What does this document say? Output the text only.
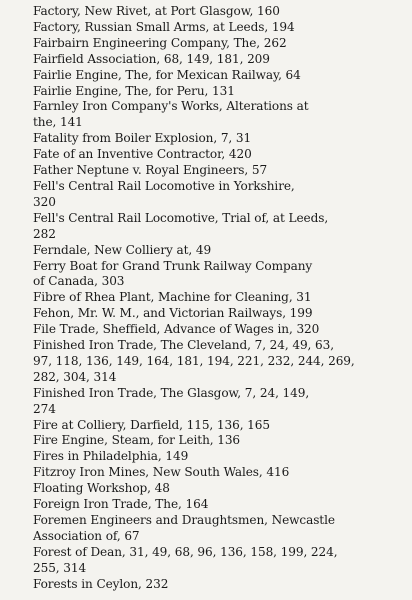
Factory, New Rivet, at Port Glasgow, 160

Factory, Russian Small Arms, at Leeds, 194

Fairbairn Engineering Company, The, 262

Fairfield Association, 68, 149, 181, 209

Fairlie Engine, The, for Mexican Railway, 64

Fairlie Engine, The, for Peru, 131

Farnley Iron Company's Works, Alterations at
the, 141

Fatality from Boiler Explosion, 7, 31

Fate of an Inventive Contractor, 420

Father Neptune v. Royal Engineers, 57

Fell's Central Rail Locomotive in Yorkshire,
320

Fell's Central Rail Locomotive, Trial of, at Leeds,
282

Ferndale, New Colliery at, 49

Ferry Boat for Grand Trunk Railway Company
of Canada, 303

Fibre of Rhea Plant, Machine for Cleaning, 31

Fehon, Mr. W. M., and Victorian Railways, 199

File Trade, Sheffield, Advance of Wages in, 320

Finished Iron Trade, The Cleveland, 7, 24, 49, 63,
97, 118, 136, 149, 164, 181, 194, 221, 232, 244, 269,
282, 304, 314

Finished Iron Trade, The Glasgow, 7, 24, 149,
274

Fire at Colliery, Darfield, 115, 136, 165

Fire Engine, Steam, for Leith, 136

Fires in Philadelphia, 149

Fitzroy Iron Mines, New South Wales, 416

Floating Workshop, 48

Foreign Iron Trade, The, 164

Foremen Engineers and Draughtsmen, Newcastle
Association of, 67

Forest of Dean, 31, 49, 68, 96, 136, 158, 199, 224,
255, 314

Forests in Ceylon, 232
